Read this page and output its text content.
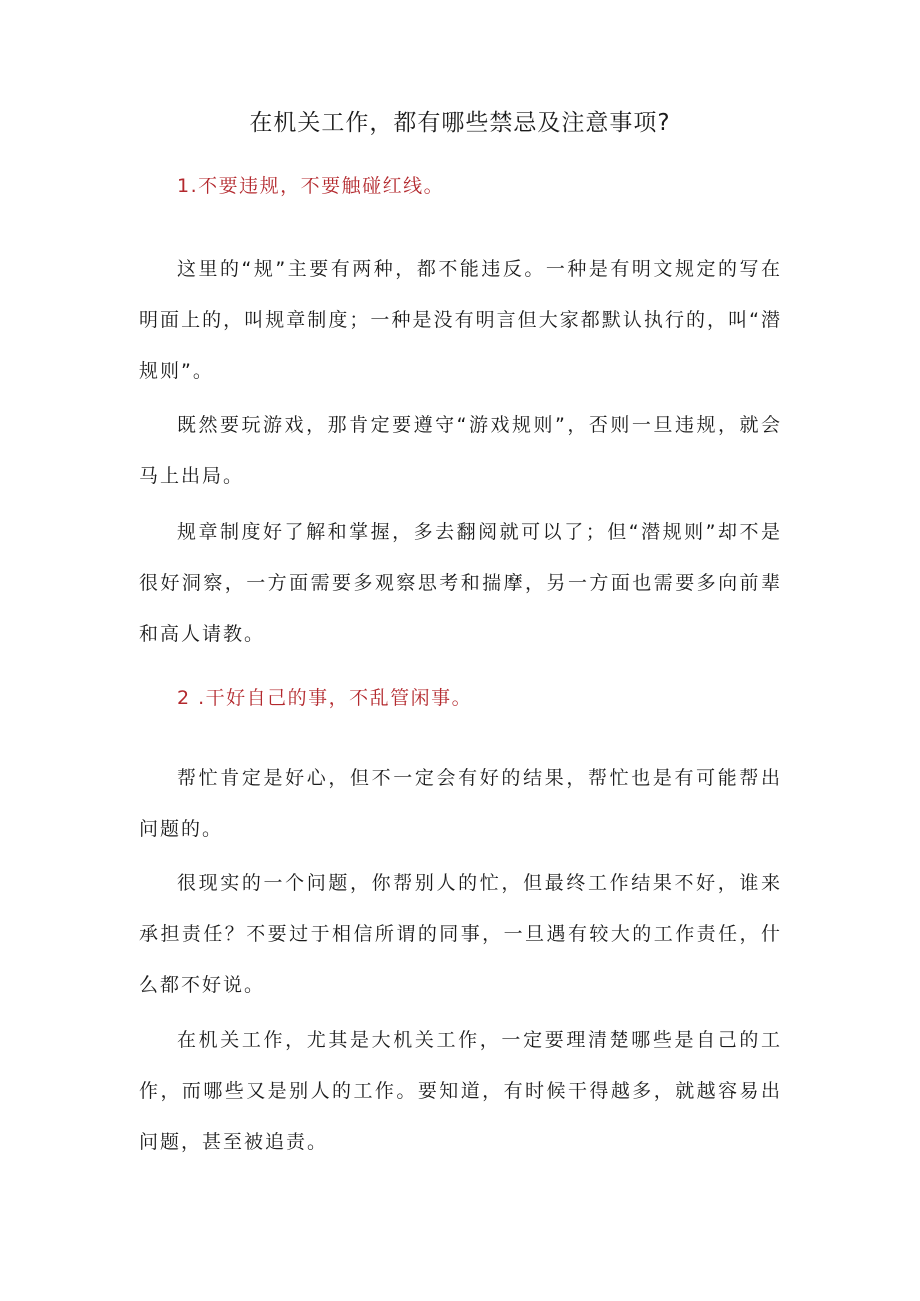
在机关工作，都有哪些禁忌及注意事项?
1.不要违规，不要触碰红线。

这里的“规”主要有两种，都不能违反。一种是有明文规定的写在明面上的，叫规章制度；一种是没有明言但大家都默认执行的，叫“潜规则”。

既然要玩游戏，那肯定要遵守“游戏规则”，否则一旦违规，就会马上出局。

规章制度好了解和掌握，多去翻阅就可以了；但“潜规则”却不是很好洞察，一方面需要多观察思考和揣摩，另一方面也需要多向前辈和高人请教。

2 .干好自己的事，不乱管闲事。

帮忙肯定是好心，但不一定会有好的结果，帮忙也是有可能帮出问题的。

很现实的一个问题，你帮别人的忙，但最终工作结果不好，谁来承担责任？不要过于相信所谓的同事，一旦遇有较大的工作责任，什么都不好说。

在机关工作，尤其是大机关工作，一定要理清楚哪些是自己的工作，而哪些又是别人的工作。要知道，有时候干得越多，就越容易出问题，甚至被追责。
